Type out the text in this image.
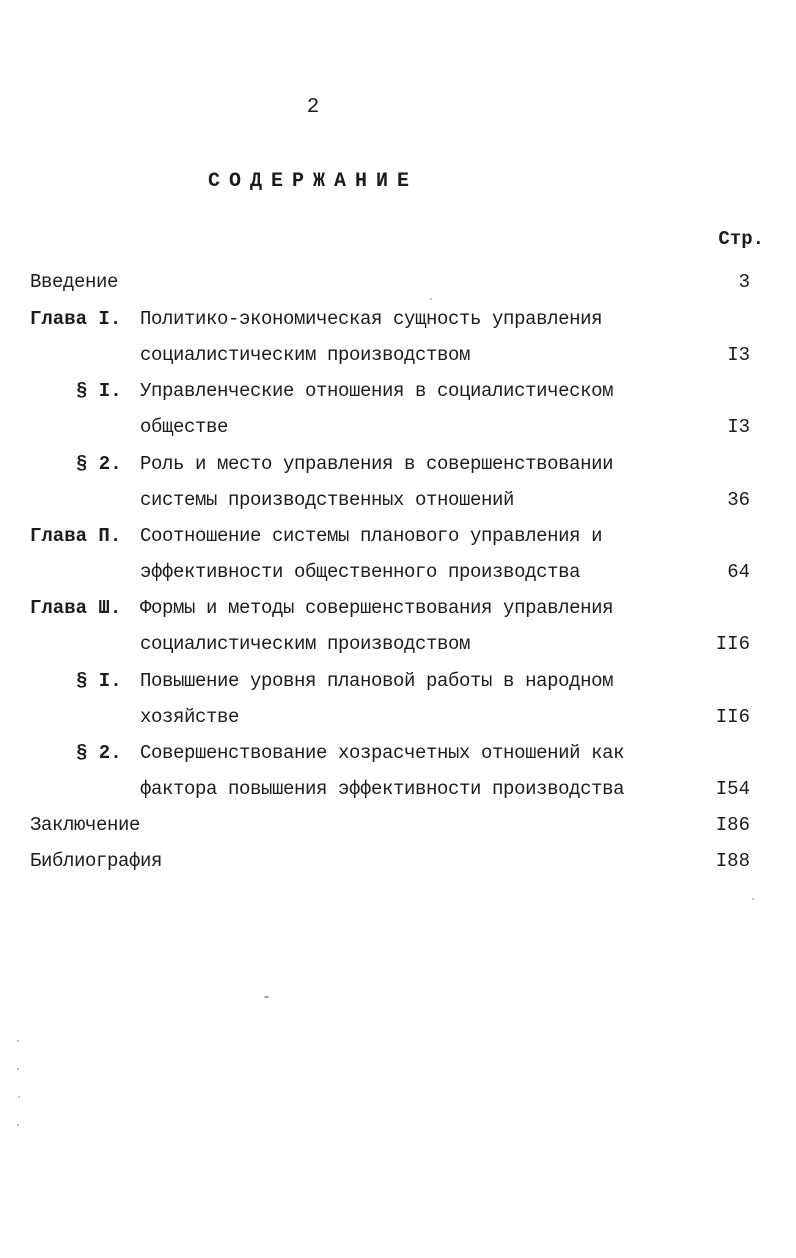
2
СОДЕРЖАНИЕ
Стр.
Введение	3
Глава I. Политико-экономическая сущность управления
социалистическим производством	I3
§ I. Управленческие отношения в социалистическом
обществе	I3
§ 2. Роль и место управления в совершенствовании
системы производственных отношений	36
Глава П. Соотношение системы планового управления и
эффективности общественного производства	64
Глава Ш. Формы и методы совершенствования управления
социалистическим производством	II6
§ I. Повышение уровня плановой работы в народном
хозяйстве	II6
§ 2. Совершенствование хозрасчетных отношений как
фактора повышения эффективности производства	I54
Заключение	I86
Библиография	I88
